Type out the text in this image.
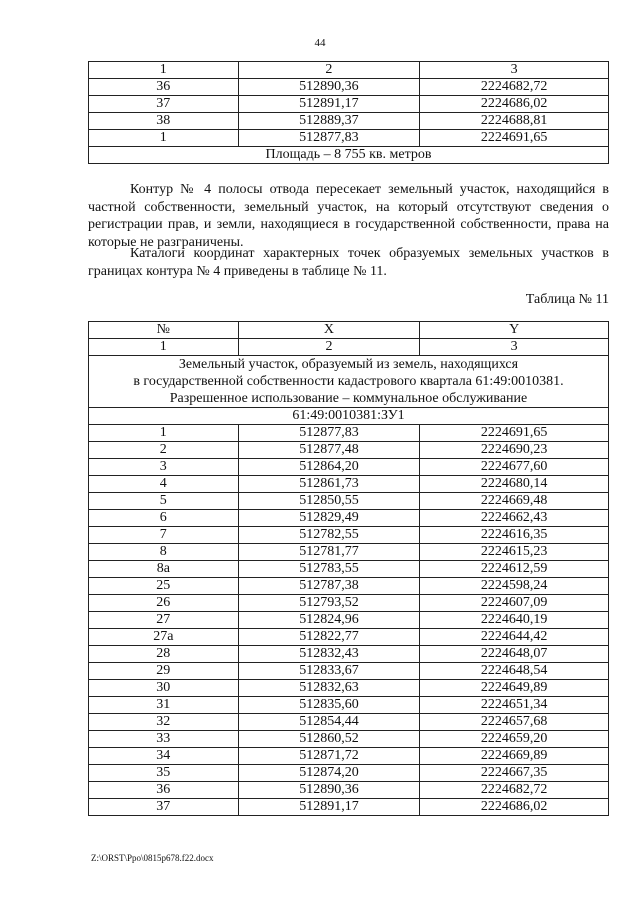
44
1	2	3
36	512890,36	2224682,72
37	512891,17	2224686,02
38	512889,37	2224688,81
1	512877,83	2224691,65
Площадь – 8 755 кв. метров		

Контур № 4 полосы отвода пересекает земельный участок, находящийся в частной собственности, земельный участок, на который отсутствуют сведения о регистрации прав, и земли, находящиеся в государственной собственности, права на которые не разграничены.

Каталоги координат характерных точек образуемых земельных участков в границах контура № 4 приведены в таблице № 11.

Таблица № 11
№	X	Y
1	2	3

Земельный участок, образуемый из земель, находящихся
в государственной собственности кадастрового квартала 61:49:0010381.
Разрешенное использование – коммунальное обслуживание		

61:49:0010381:ЗУ1		
1	512877,83	2224691,65
2	512877,48	2224690,23
3	512864,20	2224677,60
4	512861,73	2224680,14
5	512850,55	2224669,48
6	512829,49	2224662,43
7	512782,55	2224616,35
8	512781,77	2224615,23
8а	512783,55	2224612,59
25	512787,38	2224598,24
26	512793,52	2224607,09
27	512824,96	2224640,19
27а	512822,77	2224644,42
28	512832,43	2224648,07
29	512833,67	2224648,54
30	512832,63	2224649,89
31	512835,60	2224651,34
32	512854,44	2224657,68
33	512860,52	2224659,20
34	512871,72	2224669,89
35	512874,20	2224667,35
36	512890,36	2224682,72
37	512891,17	2224686,02
Z:\ORST\Ppo\0815p678.f22.docx
